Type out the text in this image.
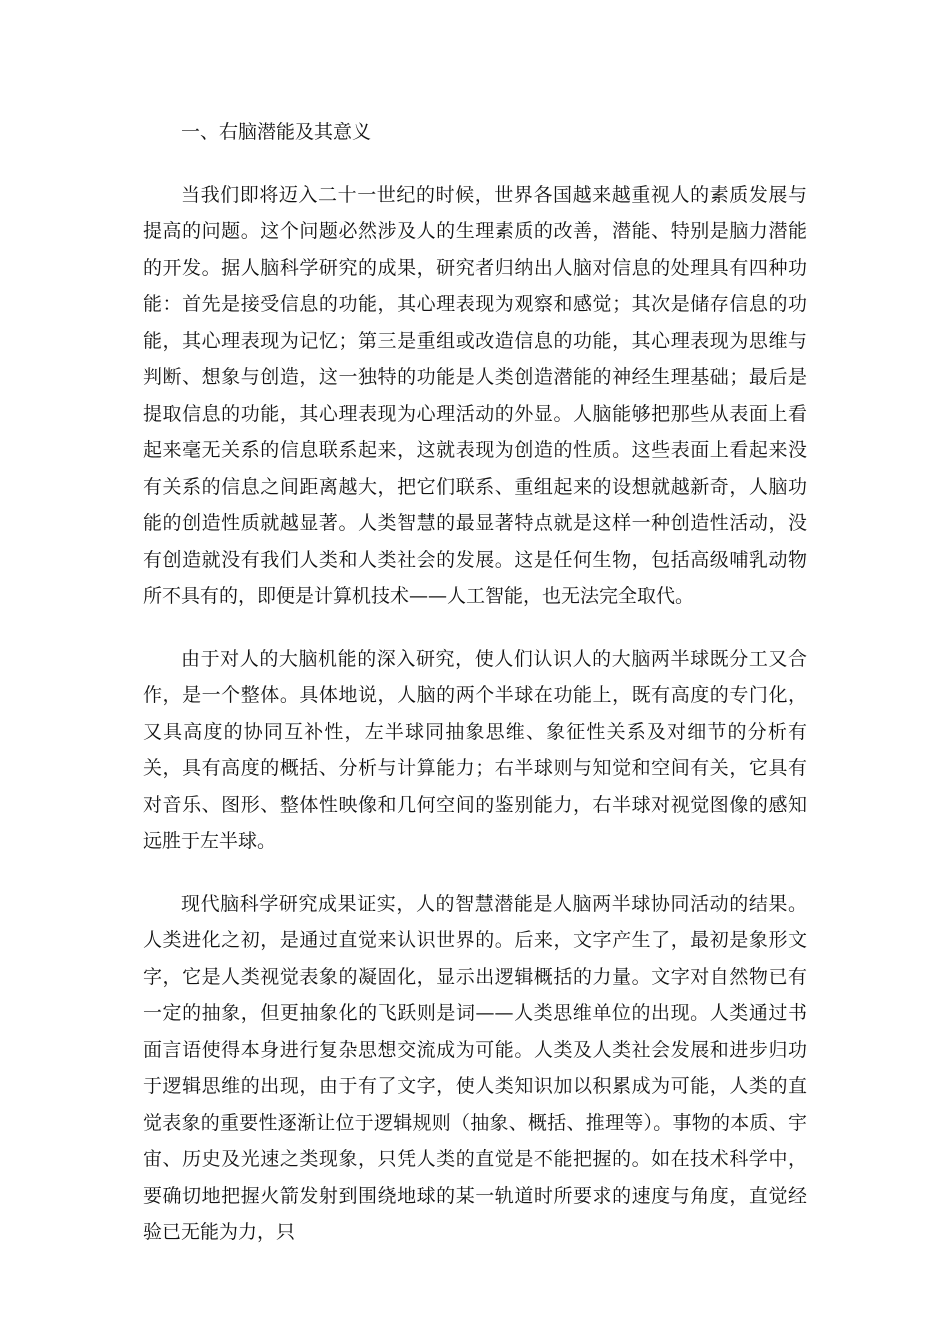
一、右脑潜能及其意义

当我们即将迈入二十一世纪的时候，世界各国越来越重视人的素质发展与提高的问题。这个问题必然涉及人的生理素质的改善，潜能、特别是脑力潜能的开发。据人脑科学研究的成果，研究者归纳出人脑对信息的处理具有四种功能：首先是接受信息的功能，其心理表现为观察和感觉；其次是储存信息的功能，其心理表现为记忆；第三是重组或改造信息的功能，其心理表现为思维与判断、想象与创造，这一独特的功能是人类创造潜能的神经生理基础；最后是提取信息的功能，其心理表现为心理活动的外显。人脑能够把那些从表面上看起来毫无关系的信息联系起来，这就表现为创造的性质。这些表面上看起来没有关系的信息之间距离越大，把它们联系、重组起来的设想就越新奇，人脑功能的创造性质就越显著。人类智慧的最显著特点就是这样一种创造性活动，没有创造就没有我们人类和人类社会的发展。这是任何生物，包括高级哺乳动物所不具有的，即便是计算机技术——人工智能，也无法完全取代。

由于对人的大脑机能的深入研究，使人们认识人的大脑两半球既分工又合作，是一个整体。具体地说，人脑的两个半球在功能上，既有高度的专门化，又具高度的协同互补性，左半球同抽象思维、象征性关系及对细节的分析有关，具有高度的概括、分析与计算能力；右半球则与知觉和空间有关，它具有对音乐、图形、整体性映像和几何空间的鉴别能力，右半球对视觉图像的感知远胜于左半球。

现代脑科学研究成果证实，人的智慧潜能是人脑两半球协同活动的结果。人类进化之初，是通过直觉来认识世界的。后来，文字产生了，最初是象形文字，它是人类视觉表象的凝固化，显示出逻辑概括的力量。文字对自然物已有一定的抽象，但更抽象化的飞跃则是词——人类思维单位的出现。人类通过书面言语使得本身进行复杂思想交流成为可能。人类及人类社会发展和进步归功于逻辑思维的出现，由于有了文字，使人类知识加以积累成为可能，人类的直觉表象的重要性逐渐让位于逻辑规则（抽象、概括、推理等）。事物的本质、宇宙、历史及光速之类现象，只凭人类的直觉是不能把握的。如在技术科学中，要确切地把握火箭发射到围绕地球的某一轨道时所要求的速度与角度，直觉经验已无能为力，只
